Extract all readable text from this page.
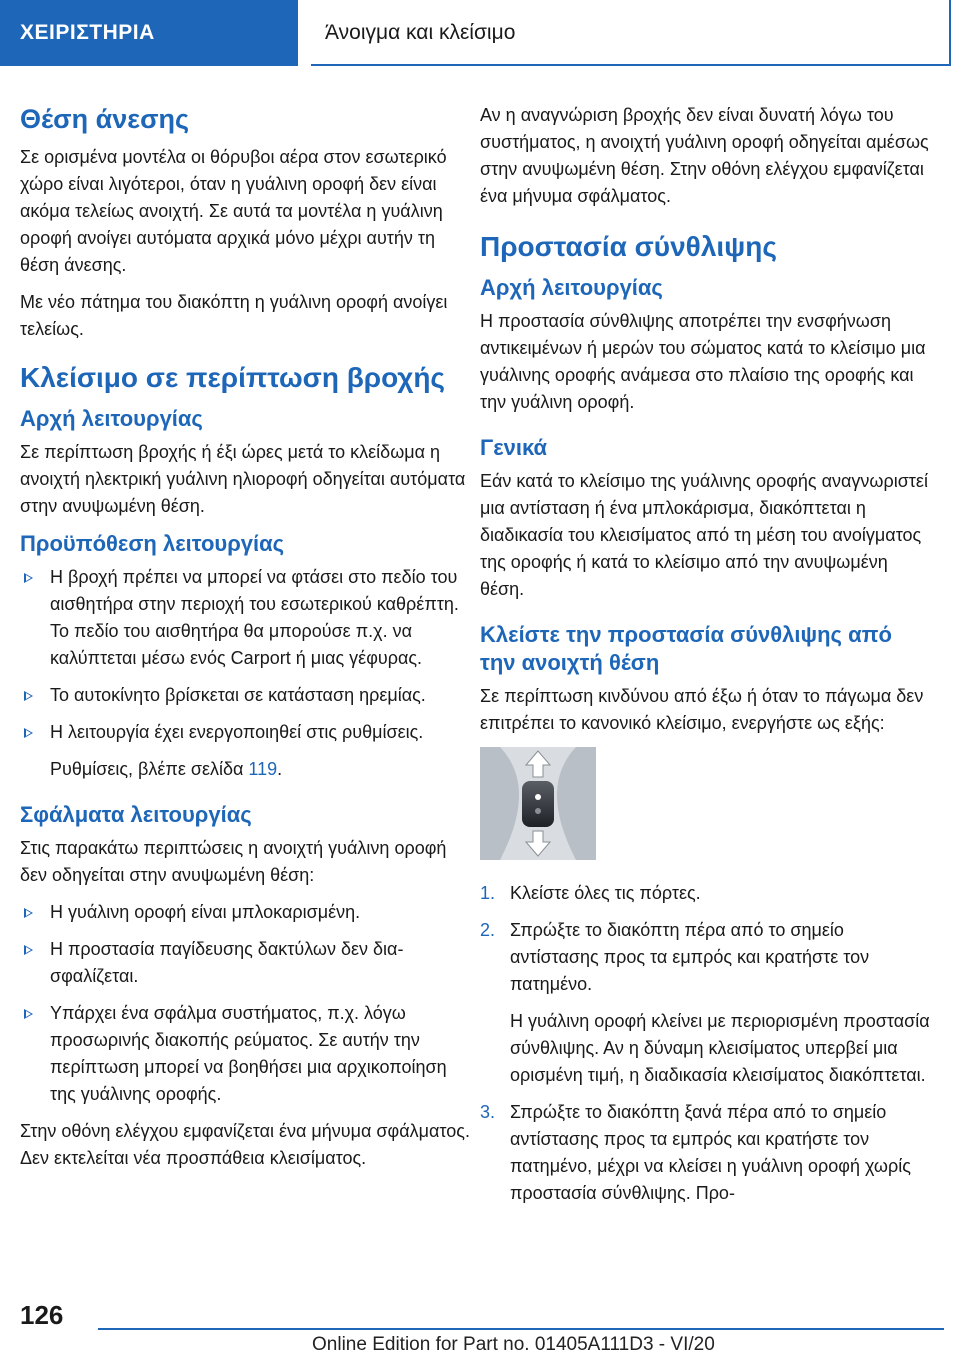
ΧΕΙΡΙΣΤΗΡΙΑ	Άνοιγμα και κλείσιμο
Θέση άνεσης

Σε ορισμένα μοντέλα οι θόρυβοι αέρα στον εσωτερικό χώρο είναι λιγότεροι, όταν η γυάλινη οροφή δεν είναι ακόμα τελείως ανοιχτή. Σε αυτά τα μοντέλα η γυάλινη οροφή ανοίγει αυτόματα αρχικά μόνο μέχρι αυτήν τη θέση άνεσης.

Με νέο πάτημα του διακόπτη η γυάλινη οροφή ανοίγει τελείως.

Κλείσιμο σε περίπτωση βροχής
Αρχή λειτουργίας

Σε περίπτωση βροχής ή έξι ώρες μετά το κλείδωμα η ανοιχτή ηλεκτρική γυάλινη ηλιοροφή οδηγείται αυτόματα στην ανυψωμένη θέση.

Προϋπόθεση λειτουργίας
Η βροχή πρέπει να μπορεί να φτάσει στο πεδίο του αισθητήρα στην περιοχή του εσωτερικού καθρέπτη. Το πεδίο του αισθητήρα θα μπορούσε π.χ. να καλύπτεται μέσω ενός Carport ή μιας γέφυρας.
Το αυτοκίνητο βρίσκεται σε κατάσταση ηρεμίας.
Η λειτουργία έχει ενεργοποιηθεί στις ρυθμίσεις.

Ρυθμίσεις, βλέπε σελίδα 119.

Σφάλματα λειτουργίας

Στις παρακάτω περιπτώσεις η ανοιχτή γυάλινη οροφή δεν οδηγείται στην ανυψωμένη θέση:

Η γυάλινη οροφή είναι μπλοκαρισμένη.
Η προστασία παγίδευσης δακτύλων δεν διασφαλίζεται.
Υπάρχει ένα σφάλμα συστήματος, π.χ. λόγω προσωρινής διακοπής ρεύματος. Σε αυτήν την περίπτωση μπορεί να βοηθήσει μια αρχικοποίηση της γυάλινης οροφής.

Στην οθόνη ελέγχου εμφανίζεται ένα μήνυμα σφάλματος. Δεν εκτελείται νέα προσπάθεια κλεισίματος.

Αν η αναγνώριση βροχής δεν είναι δυνατή λόγω του συστήματος, η ανοιχτή γυάλινη οροφή οδηγείται αμέσως στην ανυψωμένη θέση. Στην οθόνη ελέγχου εμφανίζεται ένα μήνυμα σφάλματος.

Προστασία σύνθλιψης
Αρχή λειτουργίας

Η προστασία σύνθλιψης αποτρέπει την ενσφήνωση αντικειμένων ή μερών του σώματος κατά το κλείσιμο μια γυάλινης οροφής ανάμεσα στο πλαίσιο της οροφής και την γυάλινη οροφή.

Γενικά

Εάν κατά το κλείσιμο της γυάλινης οροφής αναγνωριστεί μια αντίσταση ή ένα μπλοκάρισμα, διακόπτεται η διαδικασία του κλεισίματος από τη μέση του ανοίγματος της οροφής ή κατά το κλείσιμο από την ανυψωμένη θέση.

Κλείστε την προστασία σύνθλιψης από την ανοιχτή θέση

Σε περίπτωση κινδύνου από έξω ή όταν το πάγωμα δεν επιτρέπει το κανονικό κλείσιμο, ενεργήστε ως εξής:

1. Κλείστε όλες τις πόρτες.
2. Σπρώξτε το διακόπτη πέρα από το σημείο αντίστασης προς τα εμπρός και κρατήστε τον πατημένο.

Η γυάλινη οροφή κλείνει με περιορισμένη προστασία σύνθλιψης. Αν η δύναμη κλεισίματος υπερβεί μια ορισμένη τιμή, η διαδικασία κλεισίματος διακόπτεται.

3. Σπρώξτε το διακόπτη ξανά πέρα από το σημείο αντίστασης προς τα εμπρός και κρατήστε τον πατημένο, μέχρι να κλείσει η γυάλινη οροφή χωρίς προστασία σύνθλιψης. Προ-
126
Online Edition for Part no. 01405A111D3 - VI/20
